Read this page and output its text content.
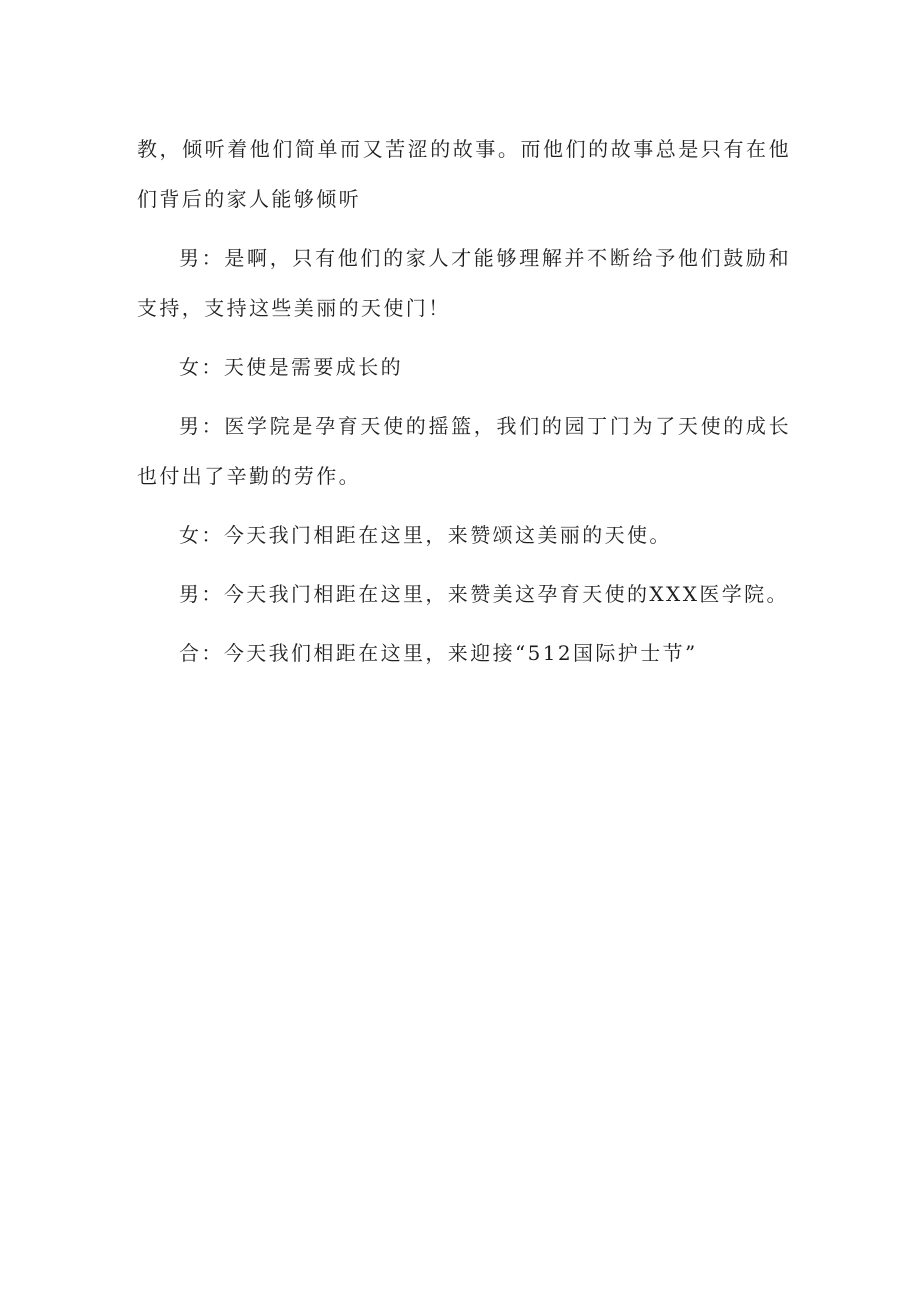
教，倾听着他们简单而又苦涩的故事。而他们的故事总是只有在他们背后的家人能够倾听

男：是啊，只有他们的家人才能够理解并不断给予他们鼓励和支持，支持这些美丽的天使门！

女：天使是需要成长的

男：医学院是孕育天使的摇篮，我们的园丁门为了天使的成长也付出了辛勤的劳作。

女：今天我门相距在这里，来赞颂这美丽的天使。

男：今天我门相距在这里，来赞美这孕育天使的XXX医学院。

合：今天我们相距在这里，来迎接“512国际护士节”
